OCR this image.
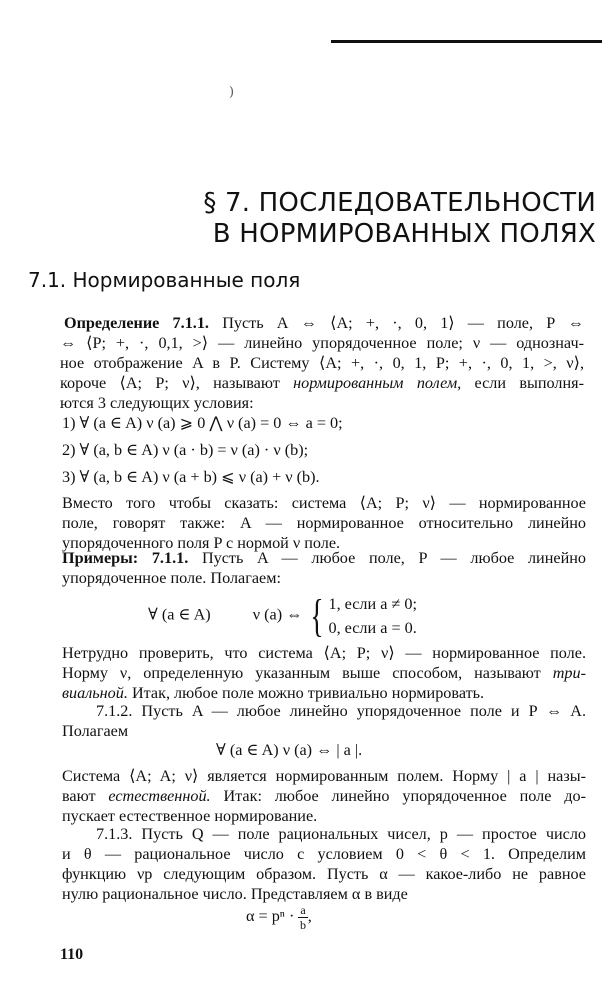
)
§ 7. ПОСЛЕДОВАТЕЛЬНОСТИ
В НОРМИРОВАННЫХ ПОЛЯХ
7.1. Нормированные поля
Определение 7.1.1. Пусть A ⇔ ⟨A; +, ·, 0, 1⟩ — поле, P ⇔
⇔ ⟨P; +, ·, 0,1, >⟩ — линейно упорядоченное поле; ν — однознач-
ное отображение A в P. Систему ⟨A; +, ·, 0, 1, P; +, ·, 0, 1, >, ν⟩,
короче ⟨A; P; ν⟩, называют нормированным полем, если выполня-
ются 3 следующих условия:
1) ∀ (a ∈ A) ν (a) ⩾ 0 ⋀ ν (a) = 0 ⇔ a = 0;
2) ∀ (a, b ∈ A) ν (a · b) = ν (a) · ν (b);
3) ∀ (a, b ∈ A) ν (a + b) ⩽ ν (a) + ν (b).
Вместо того чтобы сказать: система ⟨A; P; ν⟩ — нормированное
поле, говорят также: A — нормированное относительно линейно
упорядоченного поля P с нормой ν поле.
Примеры: 7.1.1. Пусть A — любое поле, P — любое линейно
упорядоченное поле. Полагаем:
∀ (a ∈ A)	ν (a) ⇔ { 1, если a ≠ 0;
0, если a = 0.
Нетрудно проверить, что система ⟨A; P; ν⟩ — нормированное поле.
Норму ν, определенную указанным выше способом, называют три-
виальной. Итак, любое поле можно тривиально нормировать.
7.1.2. Пусть A — любое линейно упорядоченное поле и P ⇔ A.
Полагаем
∀ (a ∈ A) ν (a) ⇔ | a |.
Система ⟨A; A; ν⟩ является нормированным полем. Норму | a | назы-
вают естественной. Итак: любое линейно упорядоченное поле до-
пускает естественное нормирование.
7.1.3. Пусть Q — поле рациональных чисел, p — простое число
и θ — рациональное число с условием 0 < θ < 1. Определим
функцию νp следующим образом. Пусть α — какое-либо не равное
нулю рациональное число. Представляем α в виде
$\alpha = p^n \cdot \frac{a}{b}$ ,
110
